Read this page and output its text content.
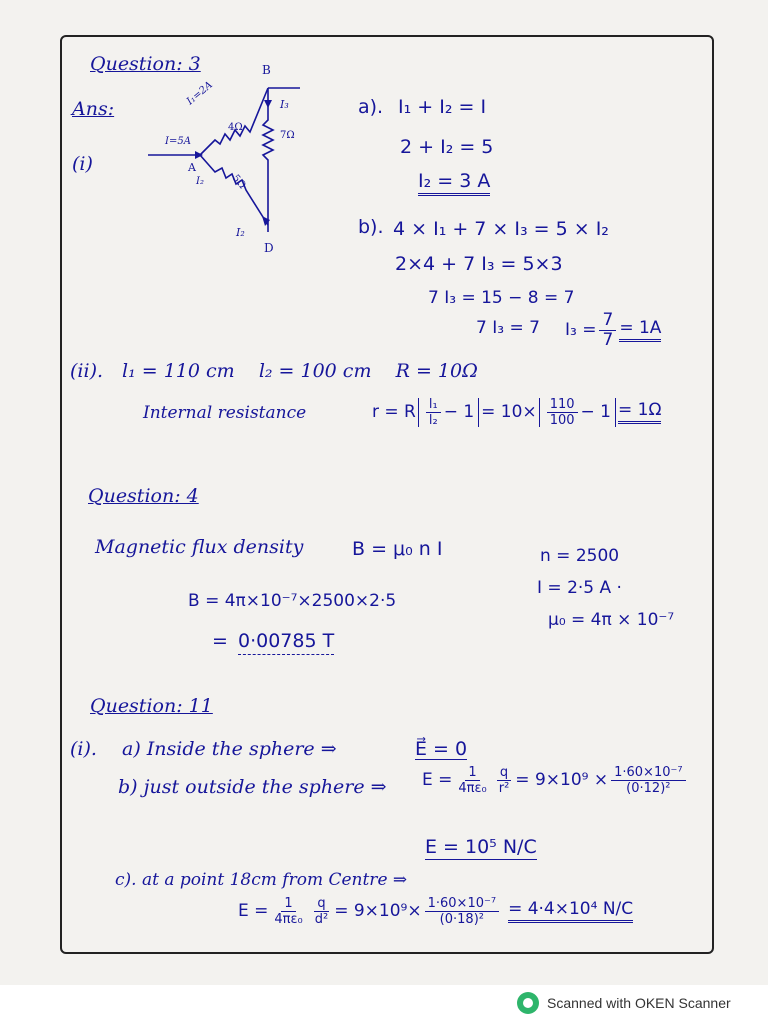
Question: 3
Ans:
(i)
B
A
D
I₁=2A
I=5A
I₂
I₃
I₂
4Ω
5Ω
7Ω
a). I₁ + I₂ = I
2 + I₂ = 5
I₂ = 3 A
b). 4 × I₁ + 7 × I₃ = 5 × I₂
2×4 + 7 I₃ = 5×3
7 I₃ = 15 − 8 = 7
7 I₃ = 7 $I_3 = \frac{7}{7} = 1A$
(ii). l₁ = 110 cm    l₂ = 100 cm    R = 10Ω
Internal resistance	r = R $\frac{\text{l₁}}{\text{l₂}} - 1 = 10\times \frac{110}{100} - 1 = 1\Omega$
Question: 4
Magnetic flux density	B = μ₀ n I	n = 2500
I = 2·5 A ·
μ₀ = 4π × 10⁻⁷
B = 4π×10⁻⁷×2500×2·5
= 0·00785 T
Question: 11
(i). a) Inside the sphere ⇒	E⃗ = 0
b) just outside the sphere ⇒ $E = \frac{1}{\text{4πε₀}} \frac{q}{\text{r²}} = 9\times 10^9 \times \frac{\text{1·60×10⁻⁷}}{\text{(0·12)²}}$
E = 10⁵ N/C
c). at a point 18cm from Centre ⇒
$E = \frac{1}{\text{4πε₀}} \frac{q}{\text{d²}} = 9\times 10^9\times \frac{\text{1·60×10⁻⁷}}{\text{(0·18)²}} = 4\cdot 4\times 10^4$ N/C
Scanned with OKEN Scanner
